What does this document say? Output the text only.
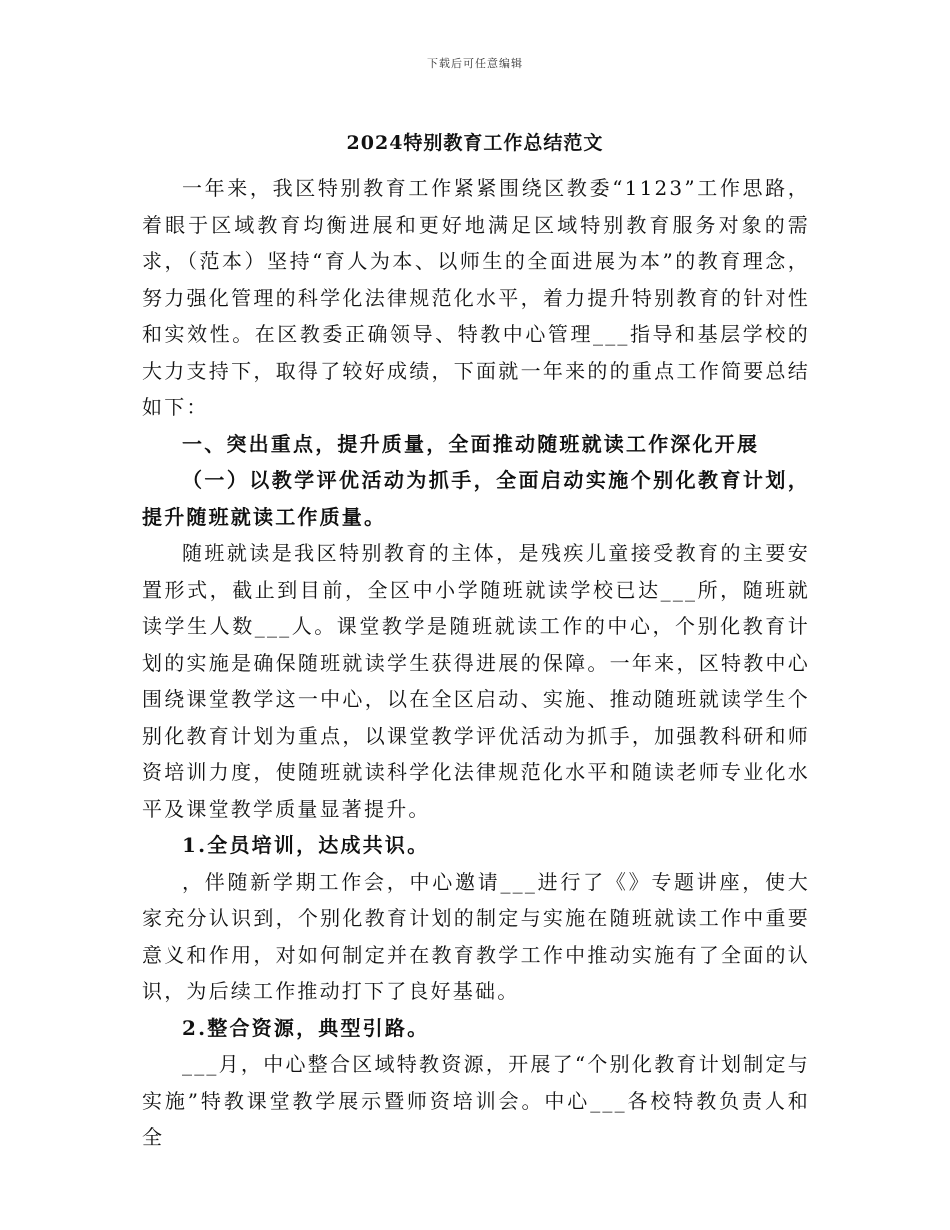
下载后可任意编辑
2024特别教育工作总结范文

一年来，我区特别教育工作紧紧围绕区教委“1123”工作思路，着眼于区域教育均衡进展和更好地满足区域特别教育服务对象的需求，（范本）坚持“育人为本、以师生的全面进展为本”的教育理念，努力强化管理的科学化法律规范化水平，着力提升特别教育的针对性和实效性。在区教委正确领导、特教中心管理___指导和基层学校的大力支持下，取得了较好成绩，下面就一年来的的重点工作简要总结如下：

一、突出重点，提升质量，全面推动随班就读工作深化开展

（一）以教学评优活动为抓手，全面启动实施个别化教育计划，提升随班就读工作质量。

随班就读是我区特别教育的主体，是残疾儿童接受教育的主要安置形式，截止到目前，全区中小学随班就读学校已达___所，随班就读学生人数___人。课堂教学是随班就读工作的中心，个别化教育计划的实施是确保随班就读学生获得进展的保障。一年来，区特教中心围绕课堂教学这一中心，以在全区启动、实施、推动随班就读学生个别化教育计划为重点，以课堂教学评优活动为抓手，加强教科研和师资培训力度，使随班就读科学化法律规范化水平和随读老师专业化水平及课堂教学质量显著提升。

1.全员培训，达成共识。

，伴随新学期工作会，中心邀请___进行了《》专题讲座，使大家充分认识到，个别化教育计划的制定与实施在随班就读工作中重要意义和作用，对如何制定并在教育教学工作中推动实施有了全面的认识，为后续工作推动打下了良好基础。

2.整合资源，典型引路。

___月，中心整合区域特教资源，开展了“个别化教育计划制定与实施”特教课堂教学展示暨师资培训会。中心___各校特教负责人和全
